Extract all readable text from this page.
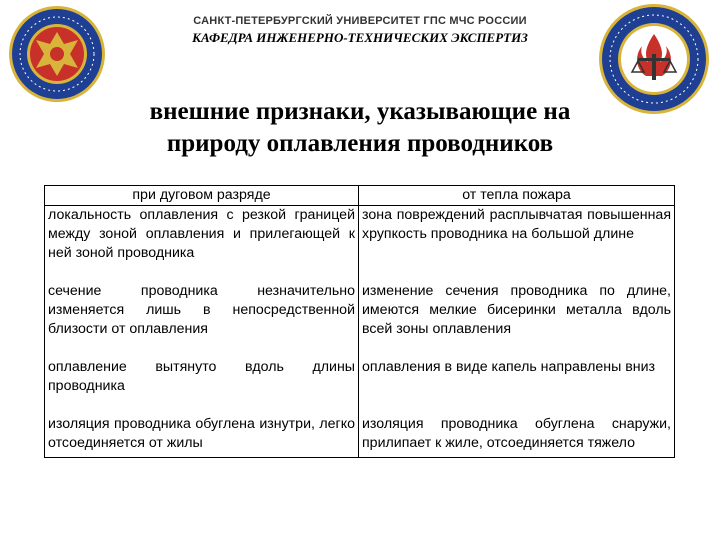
САНКТ-ПЕТЕРБУРГСКИЙ УНИВЕРСИТЕТ ГПС МЧС РОССИИ
КАФЕДРА ИНЖЕНЕРНО-ТЕХНИЧЕСКИХ ЭКСПЕРТИЗ
внешние признаки, указывающие на
природу оплавления проводников
при дуговом разряде	от тепла пожара
локальность оплавления с резкой границей между зоной оплавления и прилегающей к ней зоной проводника	зона повреждений расплывчатая повышенная хрупкость проводника на большой длине
сечение проводника незначительно изменяется лишь в непосредственной близости от оплавления	изменение сечения проводника по длине, имеются мелкие бисеринки металла вдоль всей зоны оплавления
оплавление вытянуто вдоль длины проводника	оплавления в виде капель направлены вниз
изоляция проводника обуглена изнутри, легко отсоединяется от жилы	изоляция проводника обуглена снаружи, прилипает к жиле, отсоединяется тяжело
